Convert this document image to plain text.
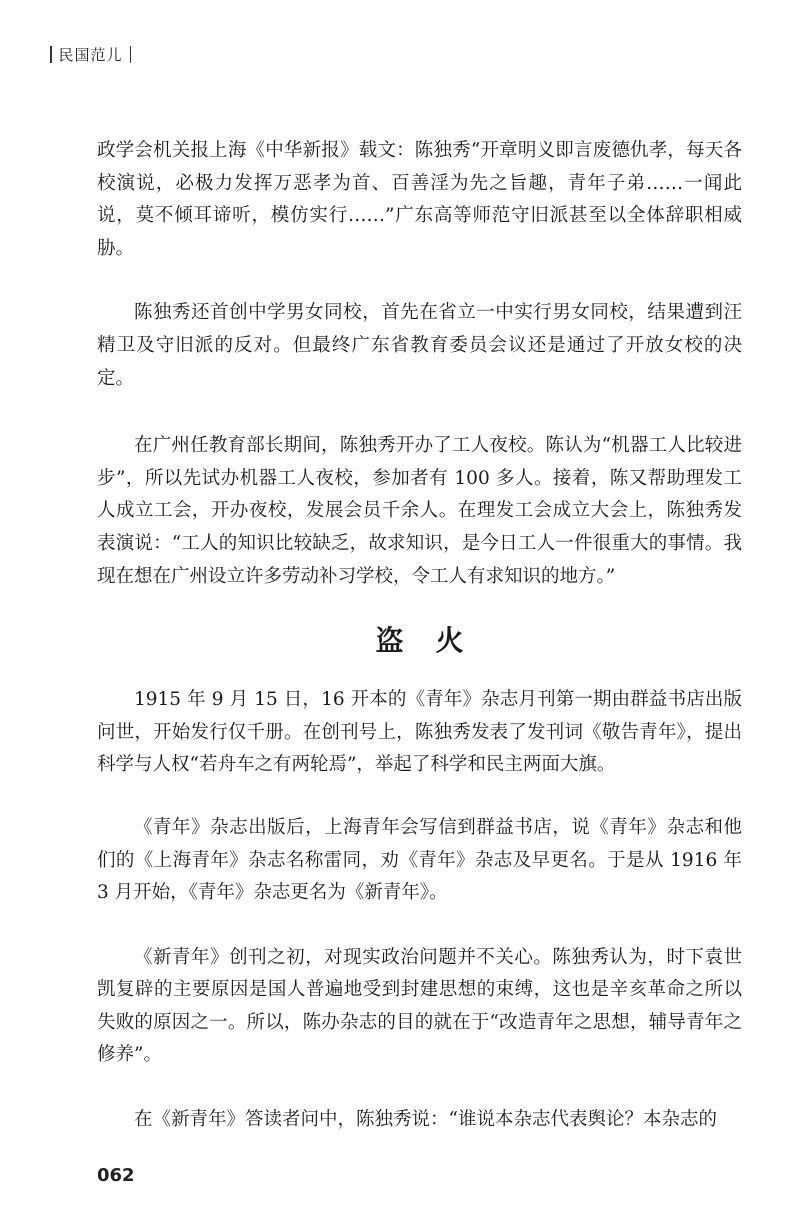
民国范儿

政学会机关报上海《中华新报》载文：陈独秀“开章明义即言废德仇孝，每天各校演说，必极力发挥万恶孝为首、百善淫为先之旨趣，青年子弟……一闻此说，莫不倾耳谛听，模仿实行……”广东高等师范守旧派甚至以全体辞职相威胁。

陈独秀还首创中学男女同校，首先在省立一中实行男女同校，结果遭到汪精卫及守旧派的反对。但最终广东省教育委员会议还是通过了开放女校的决定。

在广州任教育部长期间，陈独秀开办了工人夜校。陈认为“机器工人比较进步”，所以先试办机器工人夜校，参加者有 100 多人。接着，陈又帮助理发工人成立工会，开办夜校，发展会员千余人。在理发工会成立大会上，陈独秀发表演说：“工人的知识比较缺乏，故求知识，是今日工人一件很重大的事情。我现在想在广州设立许多劳动补习学校，令工人有求知识的地方。”

盗火

1915 年 9 月 15 日，16 开本的《青年》杂志月刊第一期由群益书店出版问世，开始发行仅千册。在创刊号上，陈独秀发表了发刊词《敬告青年》，提出科学与人权“若舟车之有两轮焉”，举起了科学和民主两面大旗。

《青年》杂志出版后，上海青年会写信到群益书店，说《青年》杂志和他们的《上海青年》杂志名称雷同，劝《青年》杂志及早更名。于是从 1916 年 3 月开始，《青年》杂志更名为《新青年》。

《新青年》创刊之初，对现实政治问题并不关心。陈独秀认为，时下袁世凯复辟的主要原因是国人普遍地受到封建思想的束缚，这也是辛亥革命之所以失败的原因之一。所以，陈办杂志的目的就在于“改造青年之思想，辅导青年之修养”。

在《新青年》答读者问中，陈独秀说：“谁说本杂志代表舆论？本杂志的

062
